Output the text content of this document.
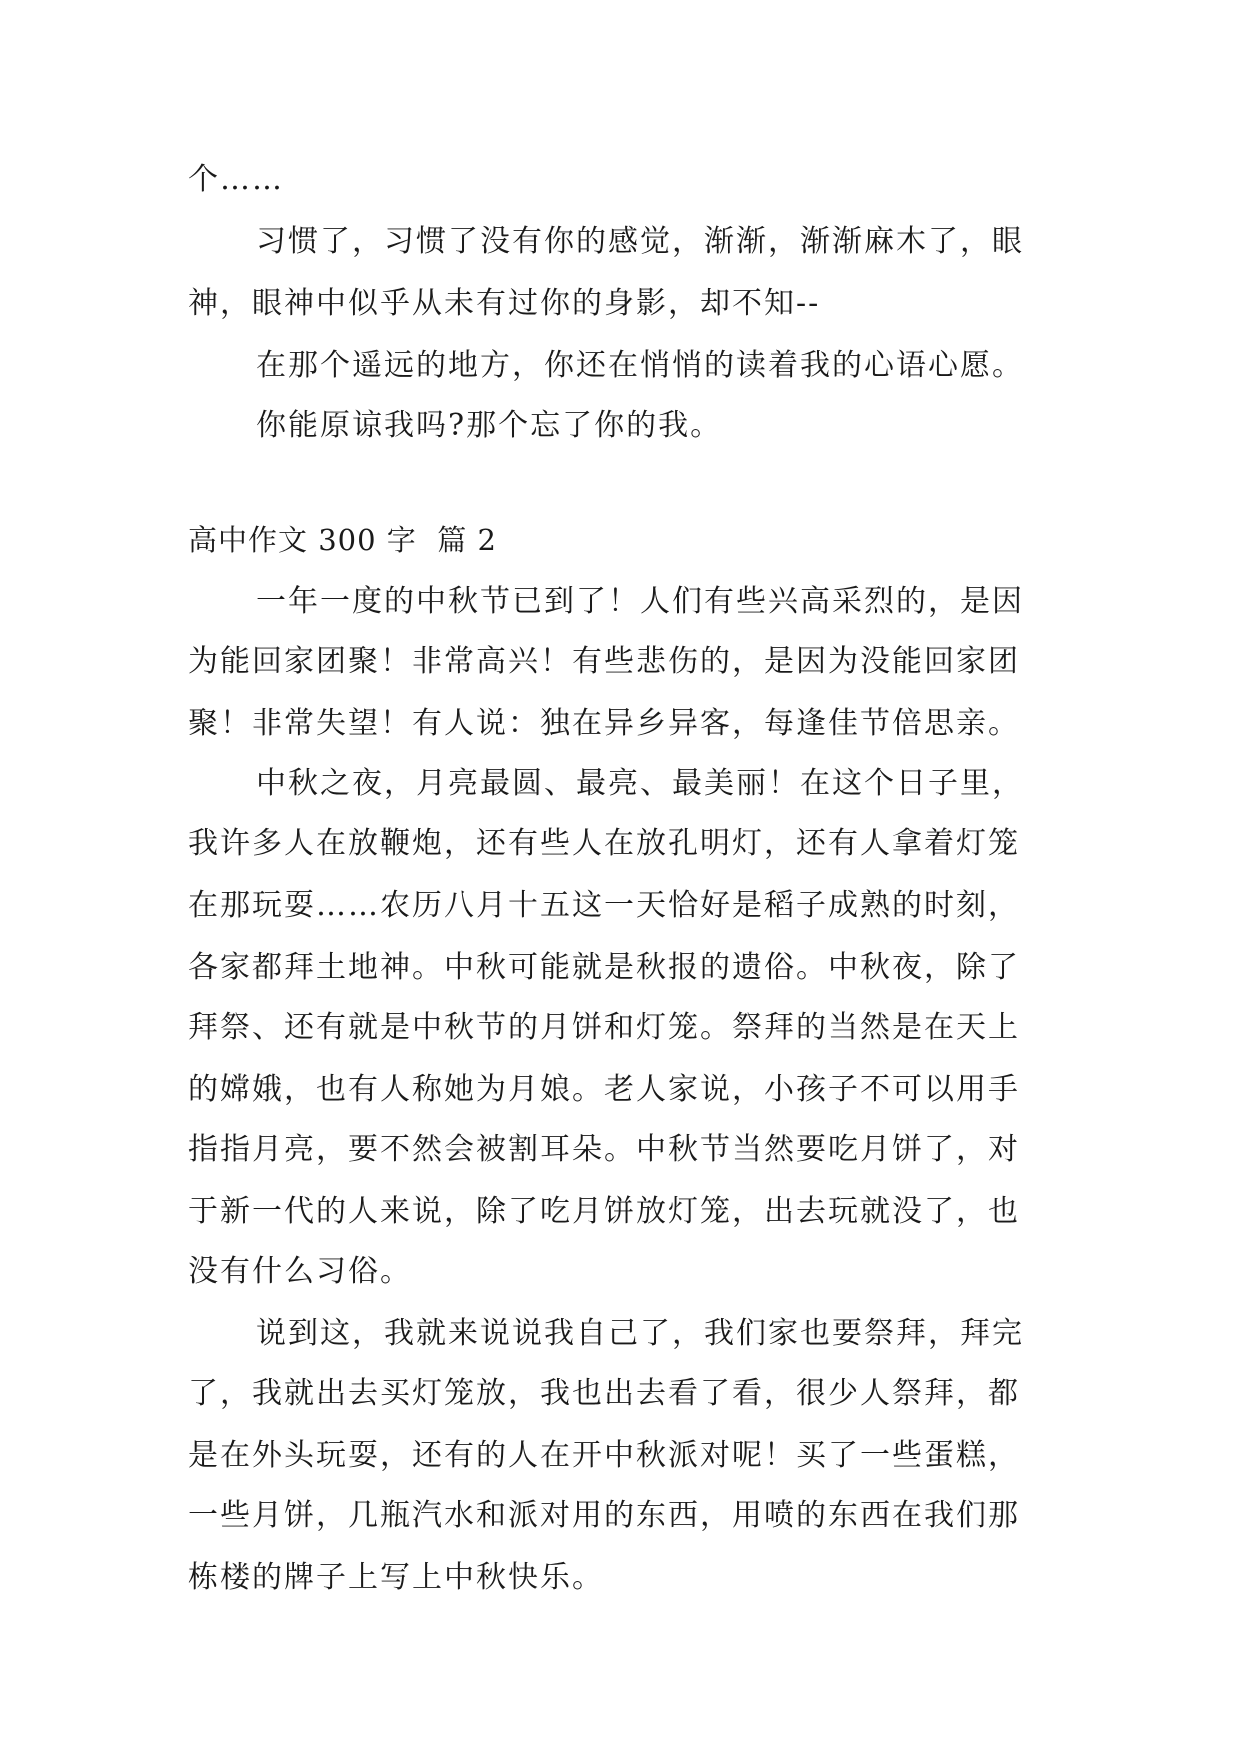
个……

习惯了，习惯了没有你的感觉，渐渐，渐渐麻木了，眼

神，眼神中似乎从未有过你的身影，却不知--

在那个遥远的地方，你还在悄悄的读着我的心语心愿。

你能原谅我吗?那个忘了你的我。

高中作文 300 字  篇 2

一年一度的中秋节已到了！人们有些兴高采烈的，是因

为能回家团聚！非常高兴！有些悲伤的，是因为没能回家团

聚！非常失望！有人说：独在异乡异客，每逢佳节倍思亲。

中秋之夜，月亮最圆、最亮、最美丽！在这个日子里，

我许多人在放鞭炮，还有些人在放孔明灯，还有人拿着灯笼

在那玩耍……农历八月十五这一天恰好是稻子成熟的时刻，

各家都拜土地神。中秋可能就是秋报的遗俗。中秋夜，除了

拜祭、还有就是中秋节的月饼和灯笼。祭拜的当然是在天上

的嫦娥，也有人称她为月娘。老人家说，小孩子不可以用手

指指月亮，要不然会被割耳朵。中秋节当然要吃月饼了，对

于新一代的人来说，除了吃月饼放灯笼，出去玩就没了，也

没有什么习俗。

说到这，我就来说说我自己了，我们家也要祭拜，拜完

了，我就出去买灯笼放，我也出去看了看，很少人祭拜，都

是在外头玩耍，还有的人在开中秋派对呢！买了一些蛋糕，

一些月饼，几瓶汽水和派对用的东西，用喷的东西在我们那

栋楼的牌子上写上中秋快乐。
